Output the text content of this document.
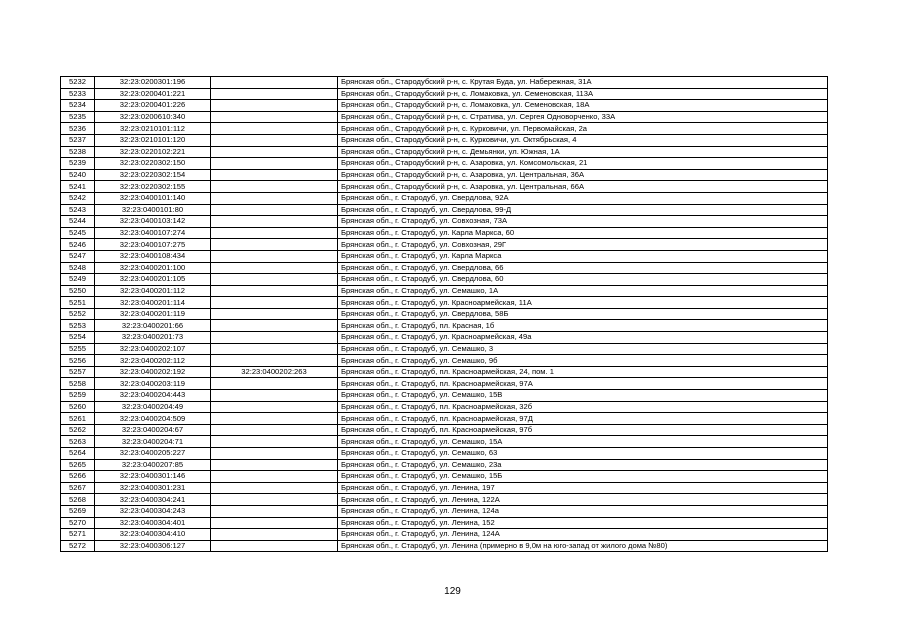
5232	32:23:0200301:196		Брянская обл., Стародубский р-н, с. Крутая Буда, ул. Набережная, 31А
5233	32:23:0200401:221		Брянская обл., Стародубский р-н, с. Ломаковка, ул. Семеновская, 113А
5234	32:23:0200401:226		Брянская обл., Стародубский р-н, с. Ломаковка, ул. Семеновская, 18А
5235	32:23:0200610:340		Брянская обл., Стародубский р-н, с. Стратива, ул. Сергея Одноворченко, 33А
5236	32:23:0210101:112		Брянская обл., Стародубский р-н, с. Курковичи, ул. Первомайская, 2а
5237	32:23:0210101:120		Брянская обл., Стародубский р-н, с. Курковичи, ул. Октябрьская, 4
5238	32:23:0220102:221		Брянская обл., Стародубский р-н, с. Демьянки, ул. Южная, 1А
5239	32:23:0220302:150		Брянская обл., Стародубский р-н, с. Азаровка, ул. Комсомольская, 21
5240	32:23:0220302:154		Брянская обл., Стародубский р-н, с. Азаровка, ул. Центральная, 36А
5241	32:23:0220302:155		Брянская обл., Стародубский р-н, с. Азаровка, ул. Центральная, 66А
5242	32:23:0400101:140		Брянская обл., г. Стародуб, ул. Свердлова, 92А
5243	32:23:0400101:80		Брянская обл., г. Стародуб, ул. Свердлова, 99-Д
5244	32:23:0400103:142		Брянская обл., г. Стародуб, ул. Совхозная, 73А
5245	32:23:0400107:274		Брянская обл., г. Стародуб, ул. Карла Маркса, 60
5246	32:23:0400107:275		Брянская обл., г. Стародуб, ул. Совхозная, 29Г
5247	32:23:0400108:434		Брянская обл., г. Стародуб, ул. Карла Маркса
5248	32:23:0400201:100		Брянская обл., г. Стародуб, ул. Свердлова, 66
5249	32:23:0400201:105		Брянская обл., г. Стародуб, ул. Свердлова, 60
5250	32:23:0400201:112		Брянская обл., г. Стародуб, ул. Семашко, 1А
5251	32:23:0400201:114		Брянская обл., г. Стародуб, ул. Красноармейская, 11А
5252	32:23:0400201:119		Брянская обл., г. Стародуб, ул. Свердлова, 58Б
5253	32:23:0400201:66		Брянская обл., г. Стародуб, пл. Красная, 1б
5254	32:23:0400201:73		Брянская обл., г. Стародуб, ул. Красноармейская, 49а
5255	32:23:0400202:107		Брянская обл., г. Стародуб, ул. Семашко, 3
5256	32:23:0400202:112		Брянская обл., г. Стародуб, ул. Семашко, 9б
5257	32:23:0400202:192	32:23:0400202:263	Брянская обл., г. Стародуб, пл. Красноармейская, 24, пом. 1
5258	32:23:0400203:119		Брянская обл., г. Стародуб, пл. Красноармейская, 97А
5259	32:23:0400204:443		Брянская обл., г. Стародуб, ул. Семашко, 15В
5260	32:23:0400204:49		Брянская обл., г. Стародуб, пл. Красноармейская, 32б
5261	32:23:0400204:509		Брянская обл., г. Стародуб, пл. Красноармейская, 97Д
5262	32:23:0400204:67		Брянская обл., г. Стародуб, пл. Красноармейская, 97б
5263	32:23:0400204:71		Брянская обл., г. Стародуб, ул. Семашко, 15А
5264	32:23:0400205:227		Брянская обл., г. Стародуб, ул. Семашко, 63
5265	32:23:0400207:85		Брянская обл., г. Стародуб, ул. Семашко, 23а
5266	32:23:0400301:146		Брянская обл., г. Стародуб, ул. Семашко, 15Б
5267	32:23:0400301:231		Брянская обл., г. Стародуб, ул. Ленина, 197
5268	32:23:0400304:241		Брянская обл., г. Стародуб, ул. Ленина, 122А
5269	32:23:0400304:243		Брянская обл., г. Стародуб, ул. Ленина, 124а
5270	32:23:0400304:401		Брянская обл., г. Стародуб, ул. Ленина, 152
5271	32:23:0400304:410		Брянская обл., г. Стародуб, ул. Ленина, 124А
5272	32:23:0400306:127		Брянская обл., г. Стародуб, ул. Ленина (примерно в 9,0м на юго-запад от жилого дома №80)
129
